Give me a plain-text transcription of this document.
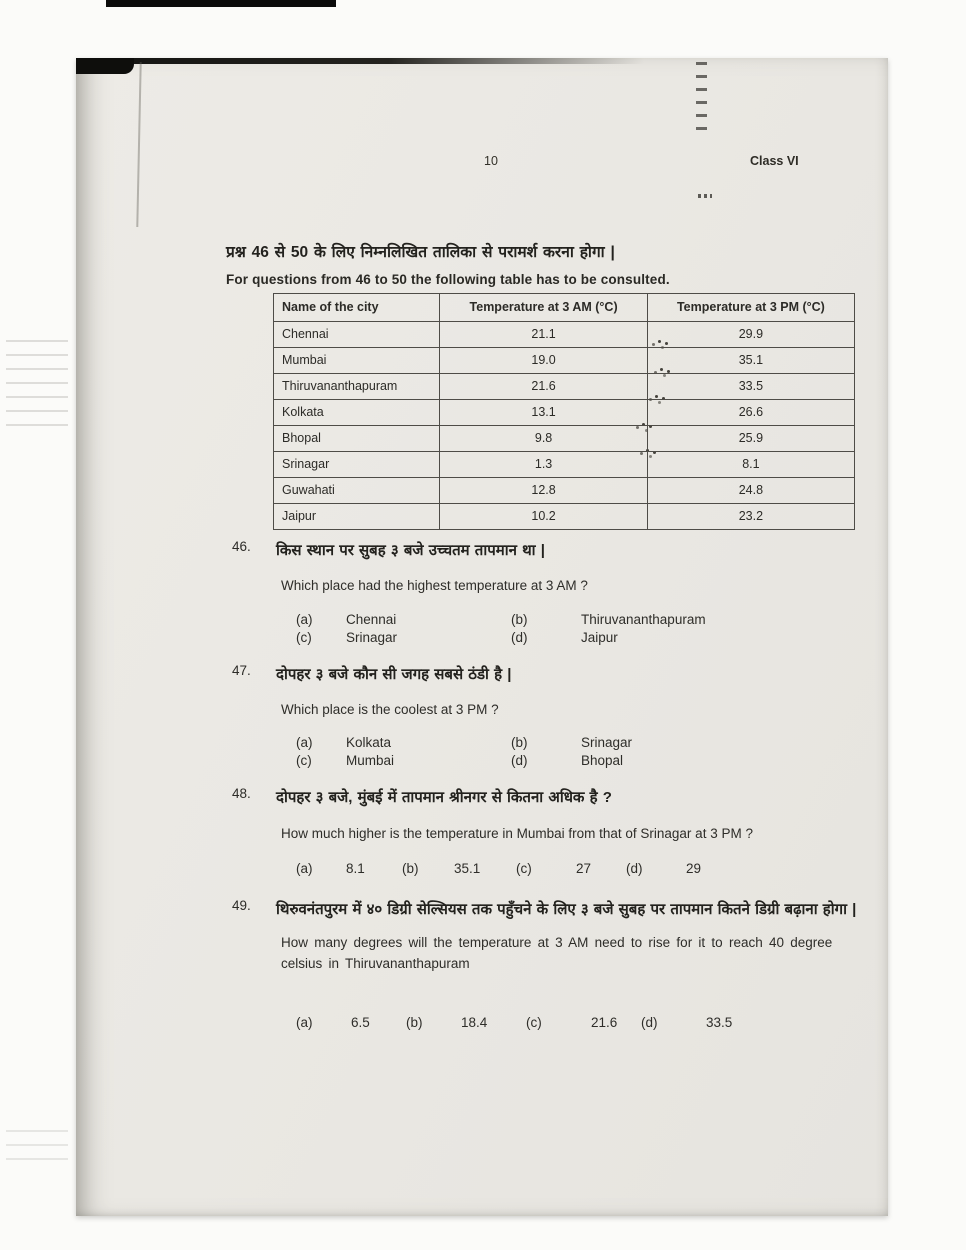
10	Class VI

प्रश्न 46 से 50 के लिए निम्नलिखित तालिका से परामर्श करना होगा |

For questions from 46 to 50 the following table has to be consulted.

Name of the city	Temperature at 3 AM (°C)	Temperature at 3 PM (°C)
Chennai	21.1	29.9
Mumbai	19.0	35.1
Thiruvananthapuram	21.6	33.5
Kolkata	13.1	26.6
Bhopal	9.8	25.9
Srinagar	1.3	8.1
Guwahati	12.8	24.8
Jaipur	10.2	23.2
46.	किस स्थान पर सुबह ३ बजे उच्चतम तापमान था |

Which place had the highest temperature at 3 AM ?

(a)	Chennai	(b)	Thiruvananthapuram
(c)	Srinagar	(d)	Jaipur
47.	दोपहर ३ बजे कौन सी जगह सबसे ठंडी है |

Which place is the coolest at 3 PM ?

(a)	Kolkata	(b)	Srinagar
(c)	Mumbai	(d)	Bhopal
48.	दोपहर ३ बजे, मुंबई में तापमान श्रीनगर से कितना अधिक है ?

How much higher is the temperature in Mumbai from that of Srinagar at 3 PM ?

(a)	8.1	(b)	35.1	(c)	27	(d)	29
49.	थिरुवनंतपुरम में ४० डिग्री सेल्सियस तक पहुँचने के लिए ३ बजे सुबह पर तापमान कितने डिग्री बढ़ाना होगा |

How many degrees will the temperature at 3 AM need to rise for it to reach 40 degree celsius in Thiruvananthapuram

(a)	6.5	(b)	18.4	(c)	21.6	(d)	33.5
